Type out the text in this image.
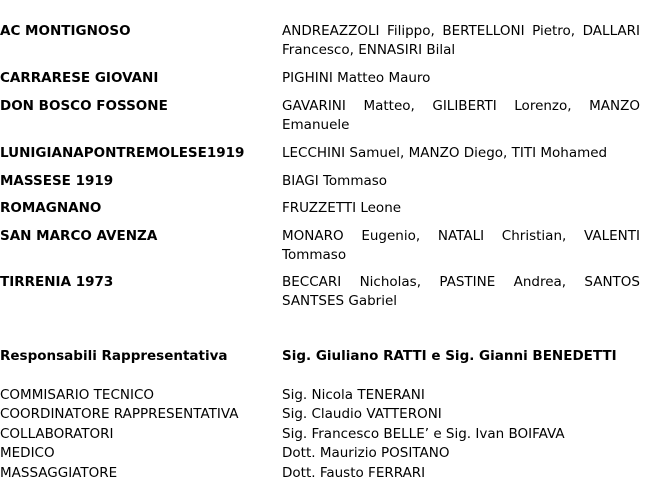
AC MONTIGNOSO	ANDREAZZOLI Filippo, BERTELLONI Pietro, DALLARI Francesco, ENNASIRI Bilal
CARRARESE GIOVANI	PIGHINI Matteo Mauro
DON BOSCO FOSSONE	GAVARINI Matteo, GILIBERTI Lorenzo, MANZO Emanuele
LUNIGIANAPONTREMOLESE1919	LECCHINI Samuel, MANZO Diego, TITI Mohamed
MASSESE 1919	BIAGI Tommaso
ROMAGNANO	FRUZZETTI Leone
SAN MARCO AVENZA	MONARO Eugenio, NATALI Christian, VALENTI Tommaso
TIRRENIA 1973	BECCARI Nicholas, PASTINE Andrea, SANTOS SANTSES Gabriel
Responsabili Rappresentativa	Sig. Giuliano RATTI e Sig. Gianni BENEDETTI
COMMISARIO TECNICO	Sig. Nicola TENERANI
COORDINATORE RAPPRESENTATIVA	Sig. Claudio VATTERONI
COLLABORATORI	Sig. Francesco BELLE’ e Sig. Ivan BOIFAVA
MEDICO	Dott. Maurizio POSITANO
MASSAGGIATORE	Dott. Fausto FERRARI
